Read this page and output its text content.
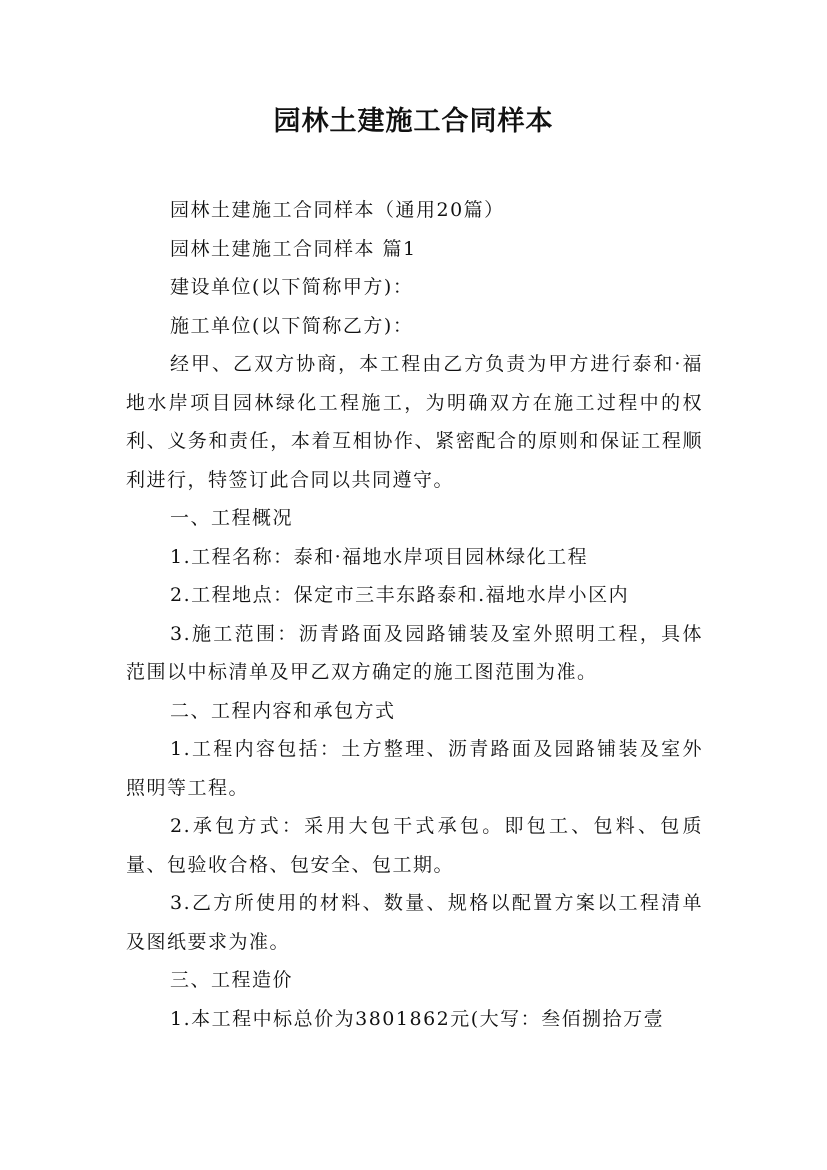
园林土建施工合同样本

园林土建施工合同样本（通用20篇）

园林土建施工合同样本 篇1

建设单位(以下简称甲方)：

施工单位(以下简称乙方)：

经甲、乙双方协商，本工程由乙方负责为甲方进行泰和·福地水岸项目园林绿化工程施工，为明确双方在施工过程中的权利、义务和责任，本着互相协作、紧密配合的原则和保证工程顺利进行，特签订此合同以共同遵守。

一、工程概况

1.工程名称：泰和·福地水岸项目园林绿化工程

2.工程地点：保定市三丰东路泰和.福地水岸小区内

3.施工范围：沥青路面及园路铺装及室外照明工程，具体范围以中标清单及甲乙双方确定的施工图范围为准。

二、工程内容和承包方式

1.工程内容包括：土方整理、沥青路面及园路铺装及室外照明等工程。

2.承包方式：采用大包干式承包。即包工、包料、包质量、包验收合格、包安全、包工期。

3.乙方所使用的材料、数量、规格以配置方案以工程清单及图纸要求为准。

三、工程造价

1.本工程中标总价为3801862元(大写：叁佰捌拾万壹
